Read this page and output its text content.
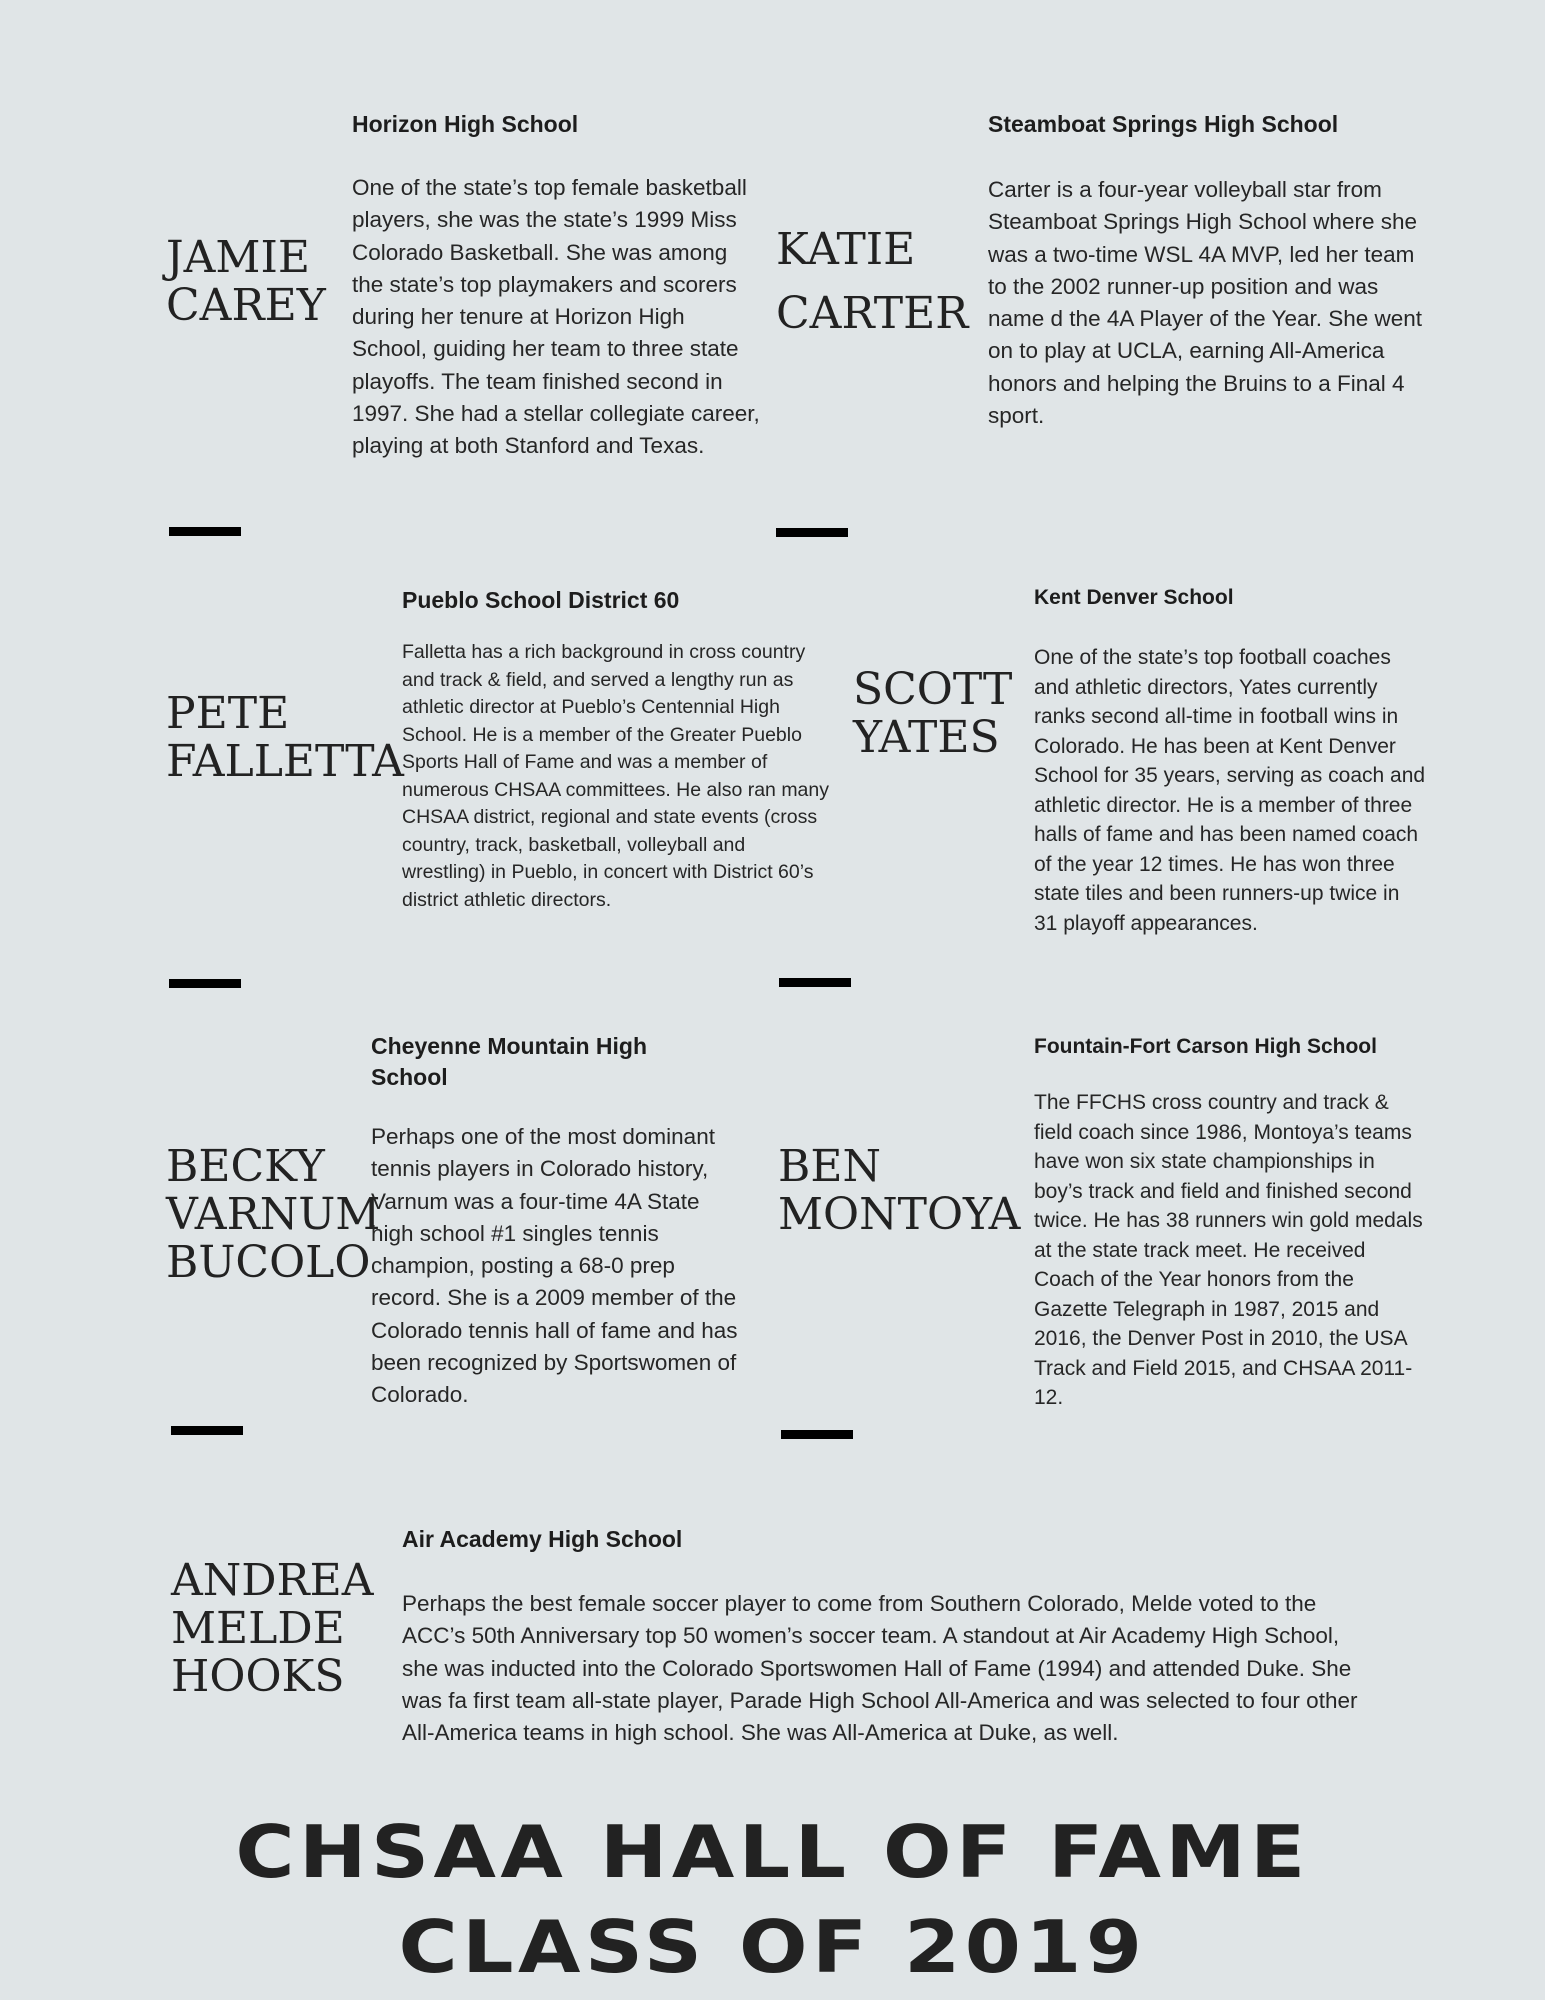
JAMIE
CAREY
Horizon High School

One of the state’s top female basketball players, she was the state’s 1999 Miss Colorado Basketball. She was among the state’s top playmakers and scorers during her tenure at Horizon High School, guiding her team to three state playoffs. The team finished second in 1997. She had a stellar collegiate career, playing at both Stanford and Texas.

KATIE
CARTER
Steamboat Springs High School

Carter is a four-year volleyball star from Steamboat Springs High School where she was a two-time WSL 4A MVP, led her team to the 2002 runner-up position and was name d the 4A Player of the Year. She went on to play at UCLA, earning All-America honors and helping the Bruins to a Final 4 sport.

PETE
FALLETTA
Pueblo School District 60

Falletta has a rich background in cross country and track & field, and served a lengthy run as athletic director at Pueblo’s Centennial High School. He is a member of the Greater Pueblo Sports Hall of Fame and was a member of numerous CHSAA committees. He also ran many CHSAA district, regional and state events (cross country, track, basketball, volleyball and wrestling) in Pueblo, in concert with District 60’s district athletic directors.

SCOTT
YATES
Kent Denver School

One of the state’s top football coaches and athletic directors, Yates currently ranks second all-time in football wins in Colorado. He has been at Kent Denver School for 35 years, serving as coach and athletic director. He is a member of three halls of fame and has been named coach of the year 12 times. He has won three state tiles and been runners-up twice in 31 playoff appearances.

BECKY
VARNUM
BUCOLO
Cheyenne Mountain High School

Perhaps one of the most dominant tennis players in Colorado history, Varnum was a four-time 4A State high school #1 singles tennis champion, posting a 68-0 prep record. She is a 2009 member of the Colorado tennis hall of fame and has been recognized by Sportswomen of Colorado.

BEN
MONTOYA
Fountain-Fort Carson High School

The FFCHS cross country and track & field coach since 1986, Montoya’s teams have won six state championships in boy’s track and field and finished second twice. He has 38 runners win gold medals at the state track meet. He received Coach of the Year honors from the Gazette Telegraph in 1987, 2015 and 2016, the Denver Post in 2010, the USA Track and Field 2015, and CHSAA 2011-12.

ANDREA
MELDE
HOOKS
Air Academy High School

Perhaps the best female soccer player to come from Southern Colorado, Melde voted to the ACC’s 50th Anniversary top 50 women’s soccer team. A standout at Air Academy High School, she was inducted into the Colorado Sportswomen Hall of Fame (1994) and attended Duke. She was fa first team all-state player, Parade High School All-America and was selected to four other All-America teams in high school. She was All-America at Duke, as well.

CHSAA HALL OF FAME
CLASS OF 2019
